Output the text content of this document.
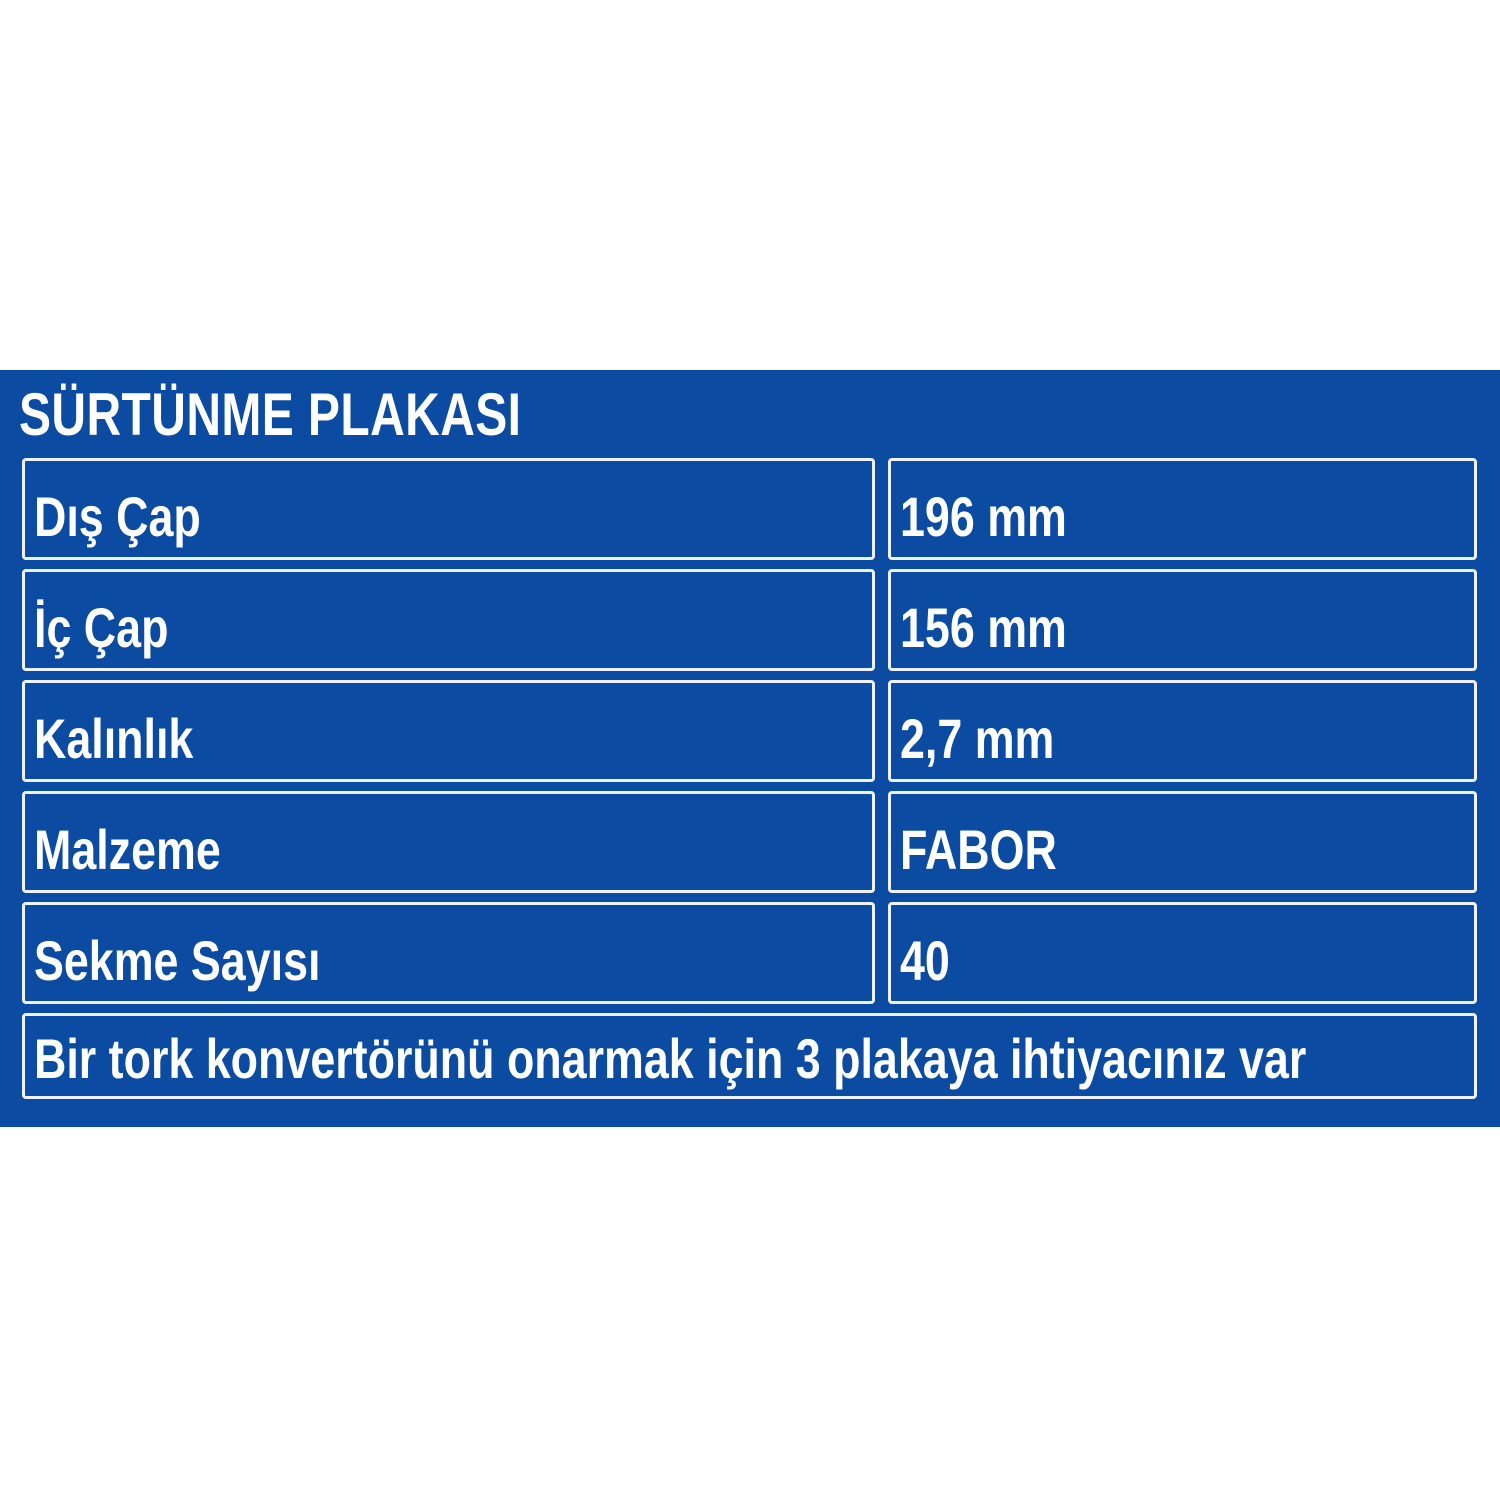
SÜRTÜNME PLAKASI
Dış Çap	196 mm
İç Çap	156 mm
Kalınlık	2,7 mm
Malzeme	FABOR
Sekme Sayısı	40
Bir tork konvertörünü onarmak için 3 plakaya ihtiyacınız var
